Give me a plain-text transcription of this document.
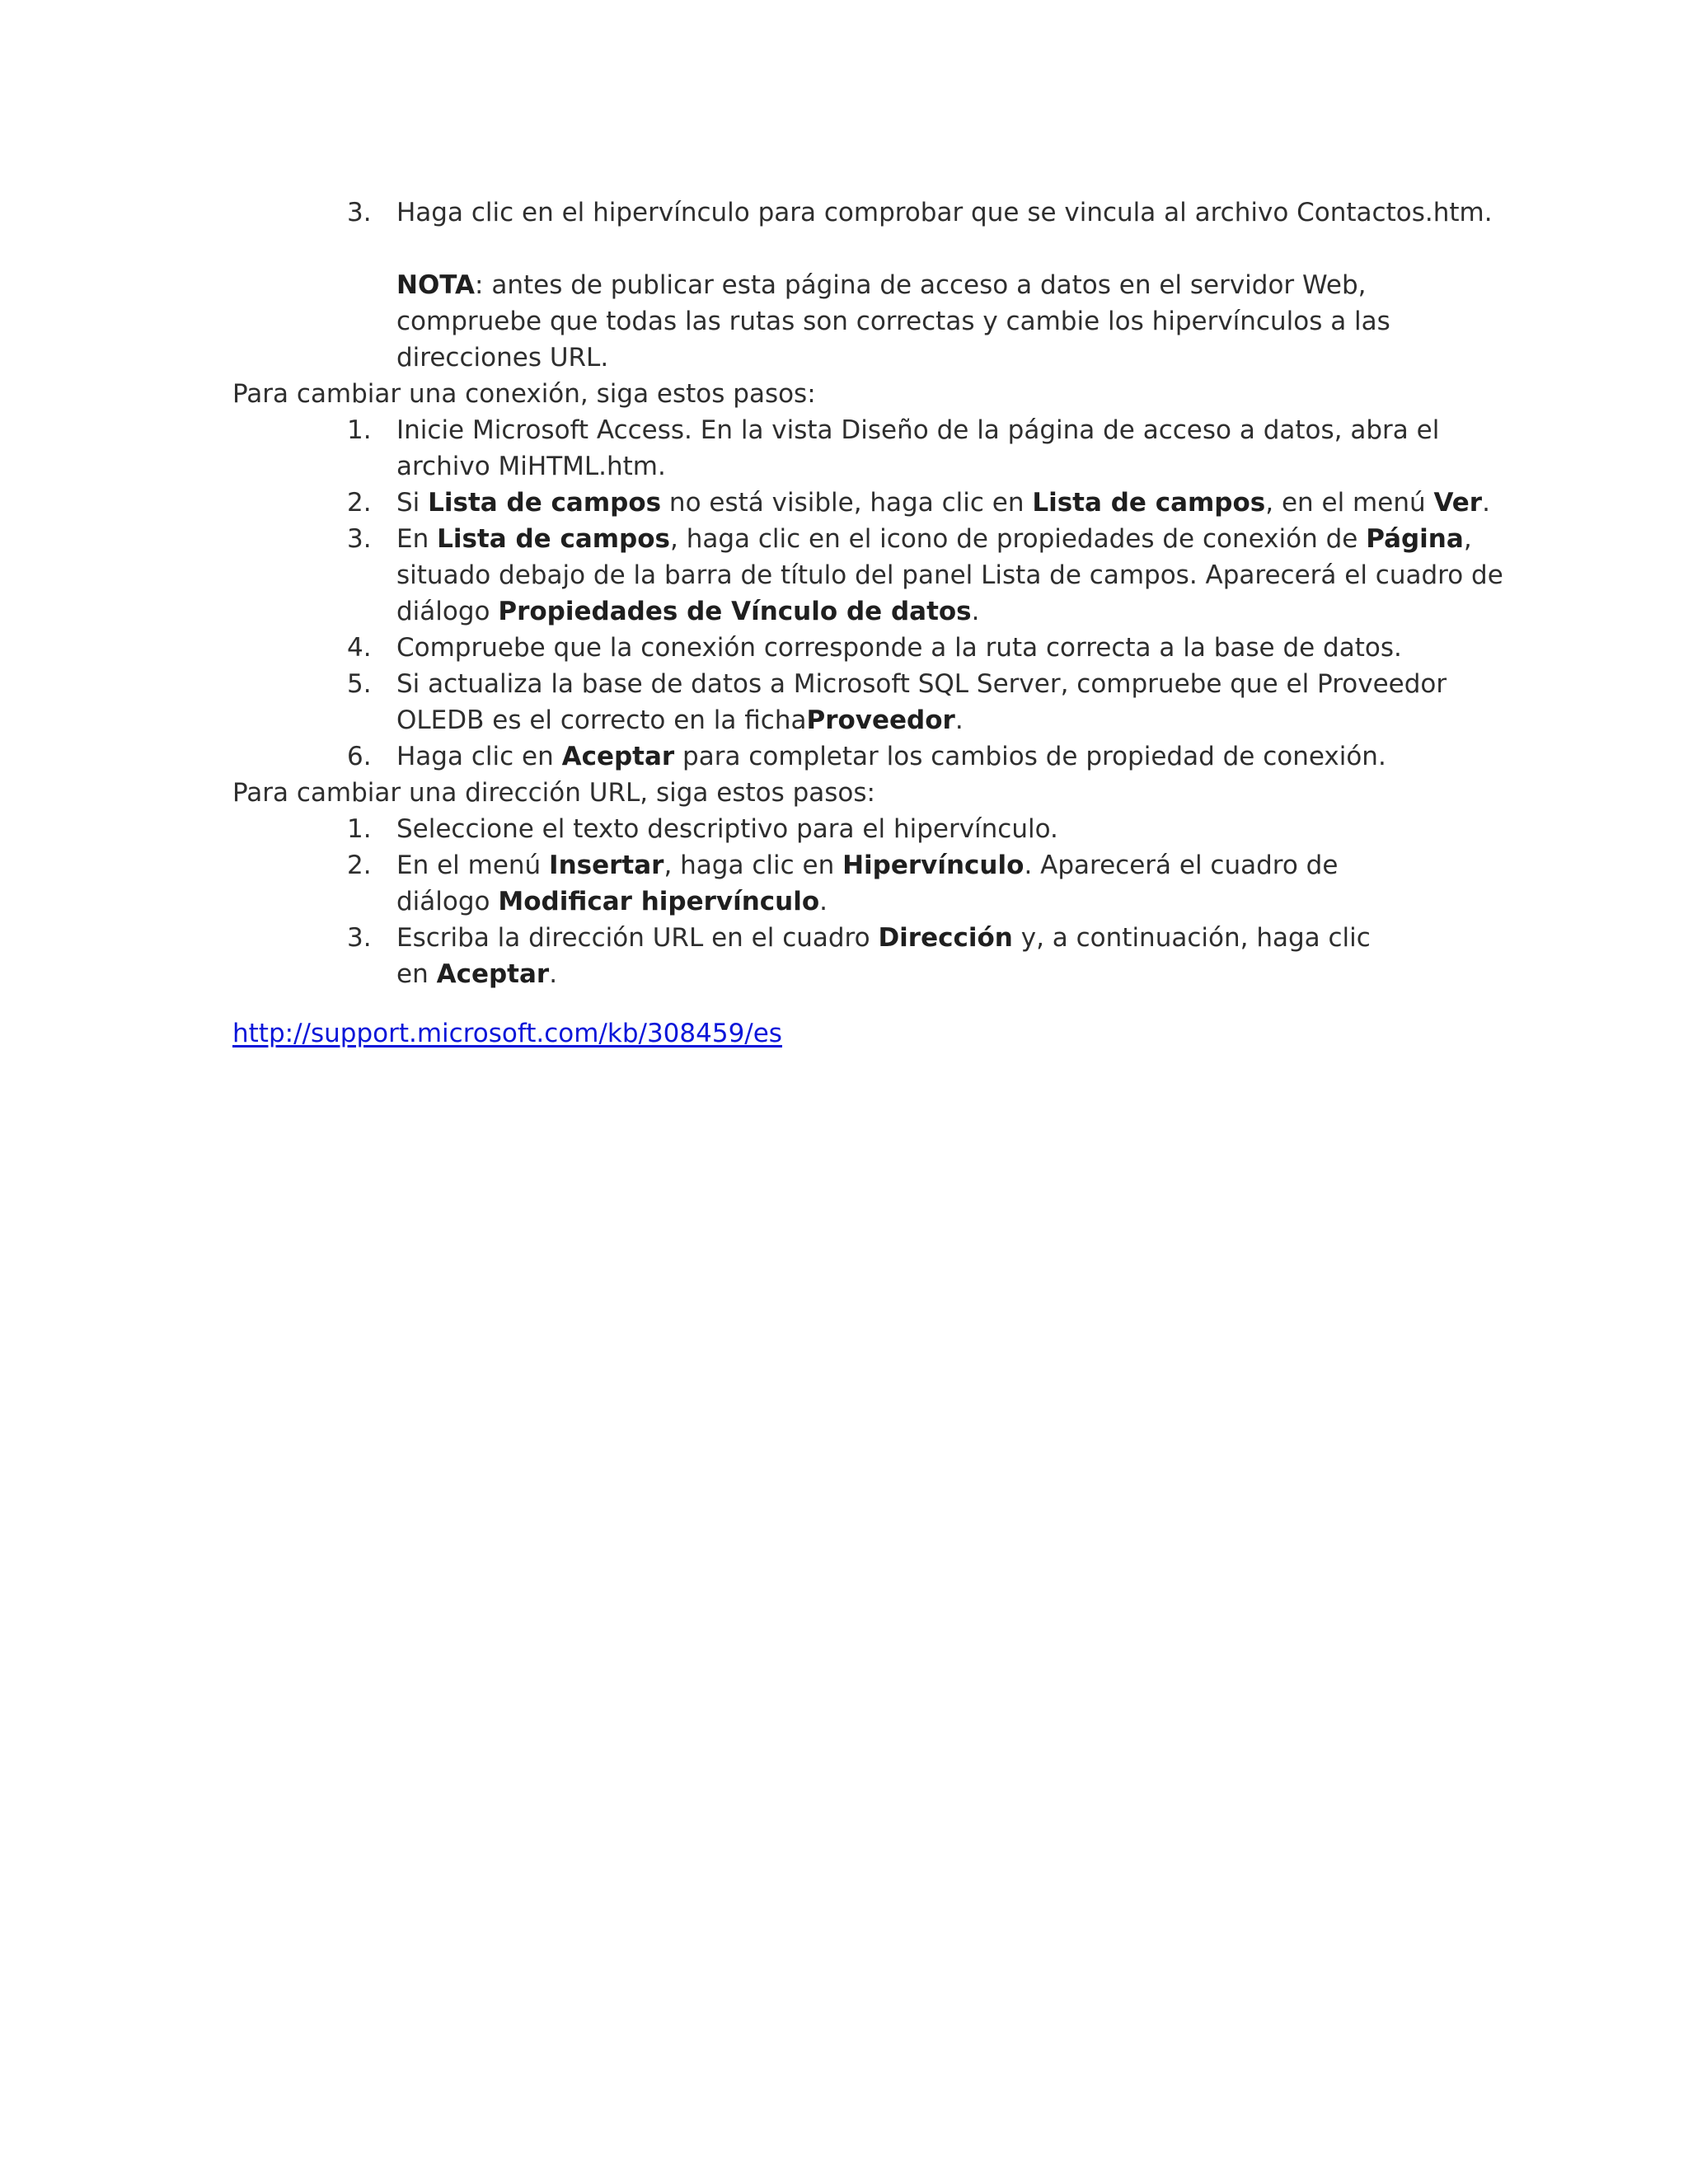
3. Haga clic en el hipervínculo para comprobar que se vincula al archivo Contactos.htm.
NOTA: antes de publicar esta página de acceso a datos en el servidor Web,
compruebe que todas las rutas son correctas y cambie los hipervínculos a las
direcciones URL.
Para cambiar una conexión, siga estos pasos:
1. Inicie Microsoft Access. En la vista Diseño de la página de acceso a datos, abra el
archivo MiHTML.htm.
2. Si Lista de campos no está visible, haga clic en Lista de campos, en el menú Ver.
3. En Lista de campos, haga clic en el icono de propiedades de conexión de Página,
situado debajo de la barra de título del panel Lista de campos. Aparecerá el cuadro de
diálogo Propiedades de Vínculo de datos.
4. Compruebe que la conexión corresponde a la ruta correcta a la base de datos.
5. Si actualiza la base de datos a Microsoft SQL Server, compruebe que el Proveedor
OLEDB es el correcto en la fichaProveedor.
6. Haga clic en Aceptar para completar los cambios de propiedad de conexión.
Para cambiar una dirección URL, siga estos pasos:
1. Seleccione el texto descriptivo para el hipervínculo.
2. En el menú Insertar, haga clic en Hipervínculo. Aparecerá el cuadro de
diálogo Modificar hipervínculo.
3. Escriba la dirección URL en el cuadro Dirección y, a continuación, haga clic
en Aceptar.
http://support.microsoft.com/kb/308459/es
